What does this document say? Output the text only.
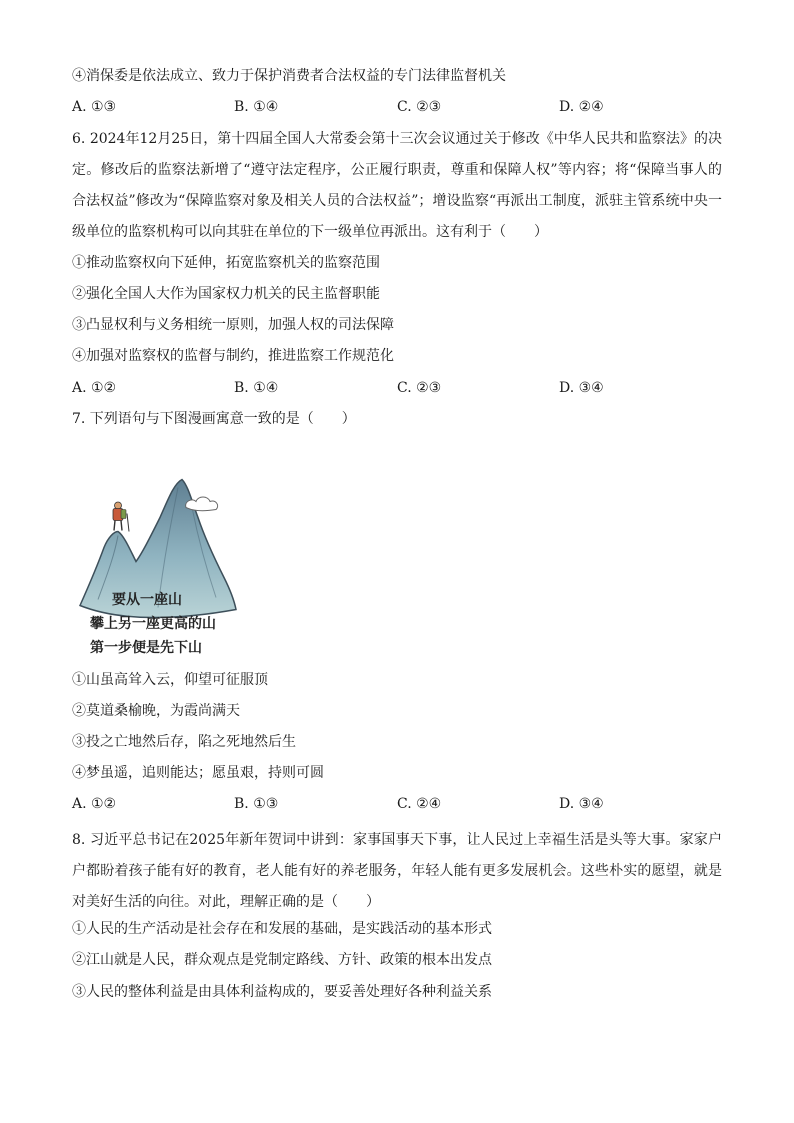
④消保委是依法成立、致力于保护消费者合法权益的专门法律监督机关
A. ①③	B. ①④	C. ②③	D. ②④
6. 2024年12月25日，第十四届全国人大常委会第十三次会议通过关于修改《中华人民共和监察法》的决定。修改后的监察法新增了“遵守法定程序，公正履行职责，尊重和保障人权”等内容；将“保障当事人的合法权益”修改为“保障监察对象及相关人员的合法权益”；增设监察“再派出工制度，派驻主管系统中央一级单位的监察机构可以向其驻在单位的下一级单位再派出。这有利于（　　）
①推动监察权向下延伸，拓宽监察机关的监察范围
②强化全国人大作为国家权力机关的民主监督职能
③凸显权利与义务相统一原则，加强人权的司法保障
④加强对监察权的监督与制约，推进监察工作规范化
A. ①②	B. ①④	C. ②③	D. ③④
7. 下列语句与下图漫画寓意一致的是（　　）
要从一座山
攀上另一座更高的山
第一步便是先下山
①山虽高耸入云，仰望可征服顶
②莫道桑榆晚，为霞尚满天
③投之亡地然后存，陷之死地然后生
④梦虽遥，追则能达；愿虽艰，持则可圆
A. ①②	B. ①③	C. ②④	D. ③④
8. 习近平总书记在2025年新年贺词中讲到：家事国事天下事，让人民过上幸福生活是头等大事。家家户户都盼着孩子能有好的教育，老人能有好的养老服务，年轻人能有更多发展机会。这些朴实的愿望，就是对美好生活的向往。对此，理解正确的是（　　）
①人民的生产活动是社会存在和发展的基础，是实践活动的基本形式
②江山就是人民，群众观点是党制定路线、方针、政策的根本出发点
③人民的整体利益是由具体利益构成的，要妥善处理好各种利益关系
